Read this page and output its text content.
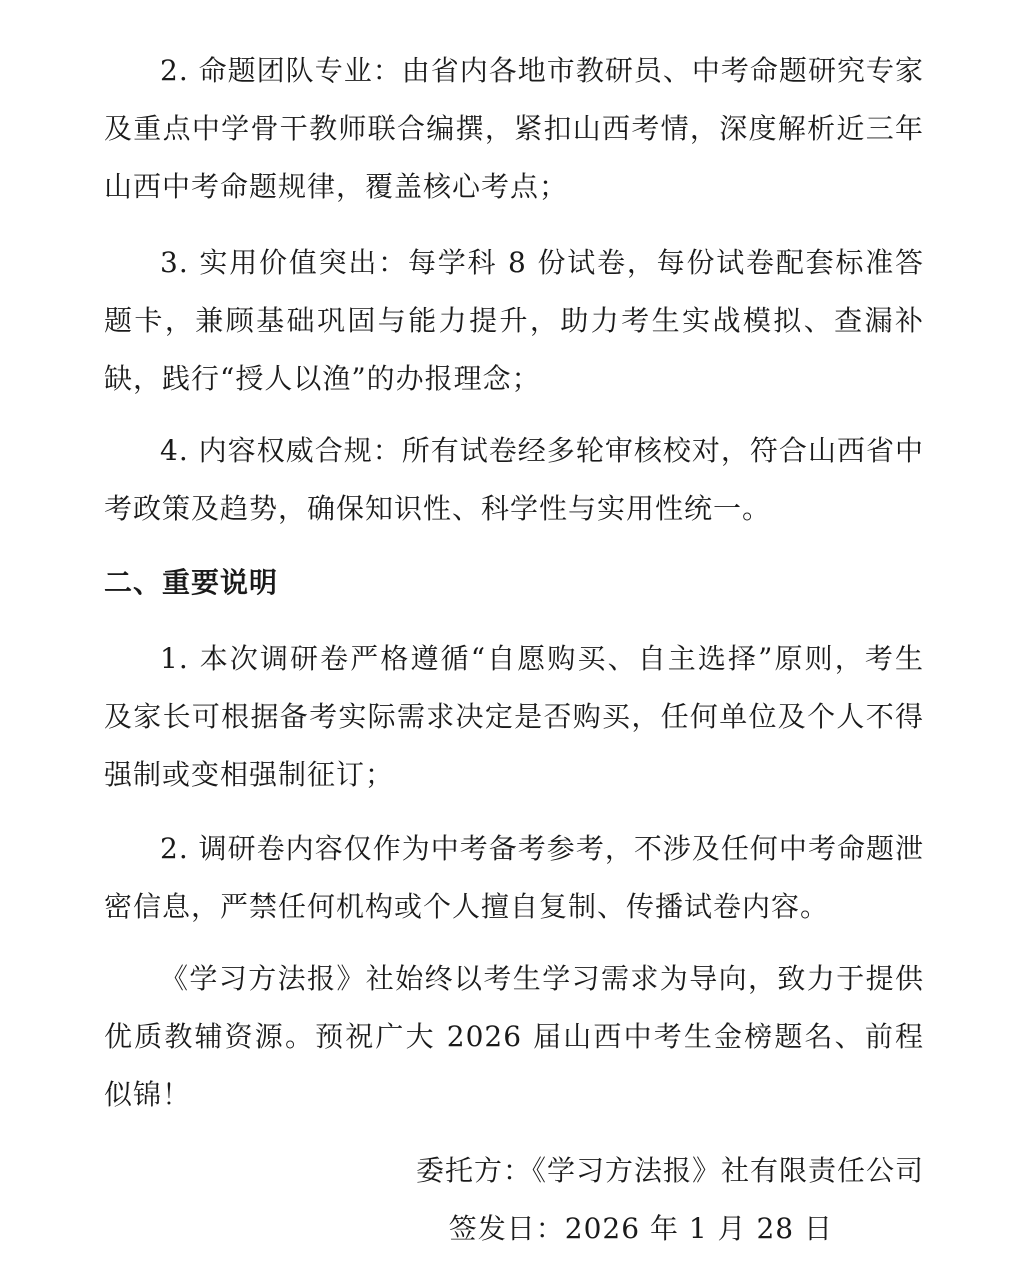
2. 命题团队专业：由省内各地市教研员、中考命题研究专家及重点中学骨干教师联合编撰，紧扣山西考情，深度解析近三年山西中考命题规律，覆盖核心考点；

3. 实用价值突出：每学科 8 份试卷，每份试卷配套标准答题卡，兼顾基础巩固与能力提升，助力考生实战模拟、查漏补缺，践行“授人以渔”的办报理念；

4. 内容权威合规：所有试卷经多轮审核校对，符合山西省中考政策及趋势，确保知识性、科学性与实用性统一。

二、重要说明

1. 本次调研卷严格遵循“自愿购买、自主选择”原则，考生及家长可根据备考实际需求决定是否购买，任何单位及个人不得强制或变相强制征订；

2. 调研卷内容仅作为中考备考参考，不涉及任何中考命题泄密信息，严禁任何机构或个人擅自复制、传播试卷内容。

《学习方法报》社始终以考生学习需求为导向，致力于提供优质教辅资源。预祝广大 2026 届山西中考生金榜题名、前程似锦！

委托方：《学习方法报》社有限责任公司

签发日：2026 年 1 月 28 日
